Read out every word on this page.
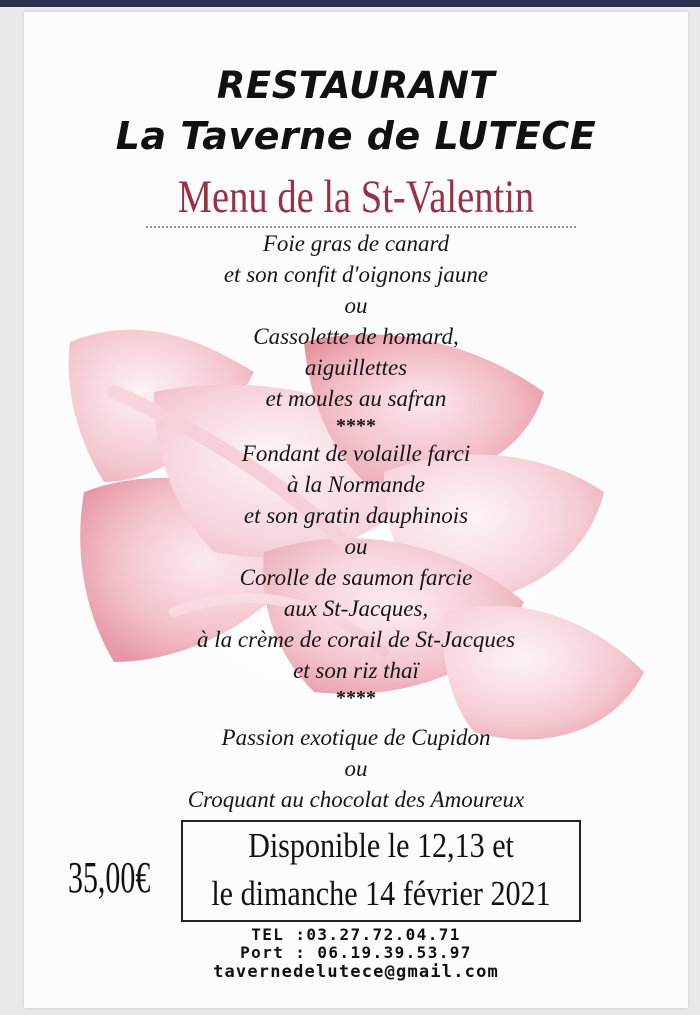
RESTAURANT
La Taverne de LUTECE
Menu de la St-Valentin
Foie gras de canard
et son confit d'oignons jaune
ou
Cassolette de homard,
aiguillettes
et moules au safran
****
Fondant de volaille farci
à la Normande
et son gratin dauphinois
ou
Corolle de saumon farcie
aux St-Jacques,
à la crème de corail de St-Jacques
et son riz thaï
****
Passion exotique de Cupidon
ou
Croquant au chocolat des Amoureux
35,00€
Disponible le 12,13 et
le dimanche 14 février 2021
TEL :03.27.72.04.71
Port : 06.19.39.53.97
tavernedelutece@gmail.com
